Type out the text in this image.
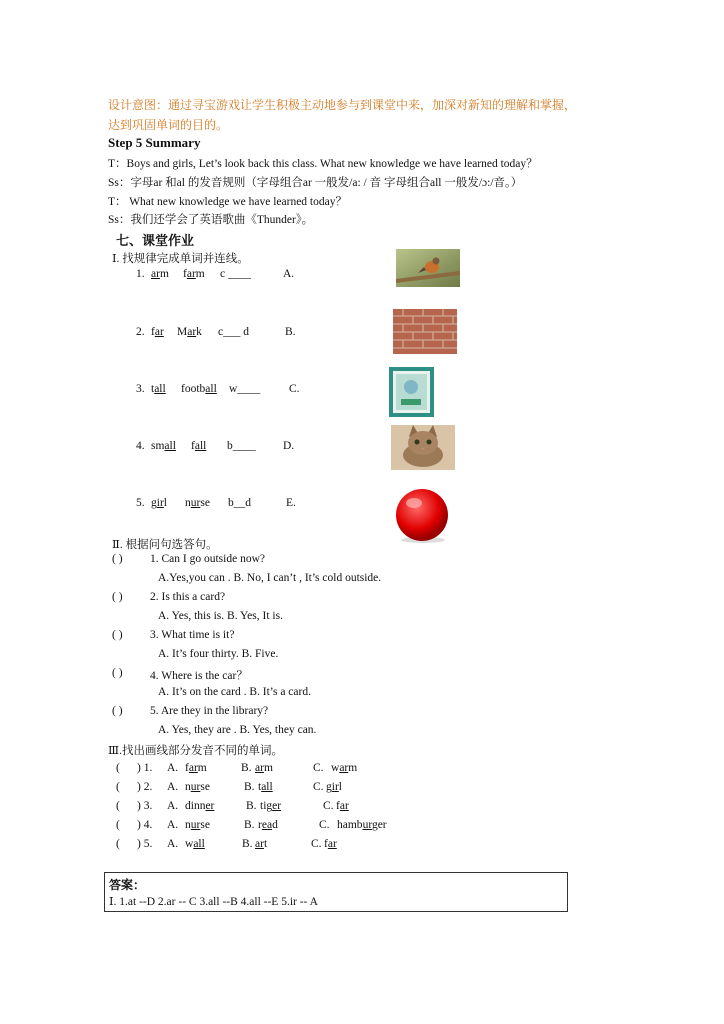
设计意图：通过寻宝游戏让学生积极主动地参与到课堂中来，加深对新知的理解和掌握，
达到巩固单词的目的。
Step 5 Summary
T：Boys and girls, Let’s look back this class. What new knowledge we have learned today？
Ss：字母ar 和al 的发音规则（字母组合ar 一般发/a: / 音 字母组合all 一般发/ɔ:/音。）
T： What new knowledge we have learned today？
Ss：我们还学会了英语歌曲《Thunder》。
七、课堂作业
Ⅰ. 找规律完成单词并连线。
1. arm farm c ____	A.
2. far Mark c___ d	B.
3. tall football w____ C.
4. small fall b____ D.
5. girl nurse b__d	E.
Ⅱ. 根据问句选答句。
( ) 1. Can I go outside now?
A.Yes,you can . B. No, I can’t , It’s cold outside.
( ) 2. Is this a card?
A. Yes, this is. B. Yes, It is.
( ) 3. What time is it?
A. It’s four thirty. B. Five.
( ) 4. Where is the car？
A. It’s on the card . B. It’s a card.
( ) 5. Are they in the library?
A. Yes, they are . B. Yes, they can.
Ⅲ.找出画线部分发音不同的单词。
( ) 1. A. farm	B. arm	C. warm
( ) 2. A. nurse	B. tall	C. girl
( ) 3. A. dinner	B. tiger	C. far
( ) 4. A. nurse	B. read	C. hamburger
( ) 5. A. wall	B. art	C. far
答案：
Ⅰ. 1.at --D 2.ar -- C 3.all --B 4.all --E 5.ir -- A
